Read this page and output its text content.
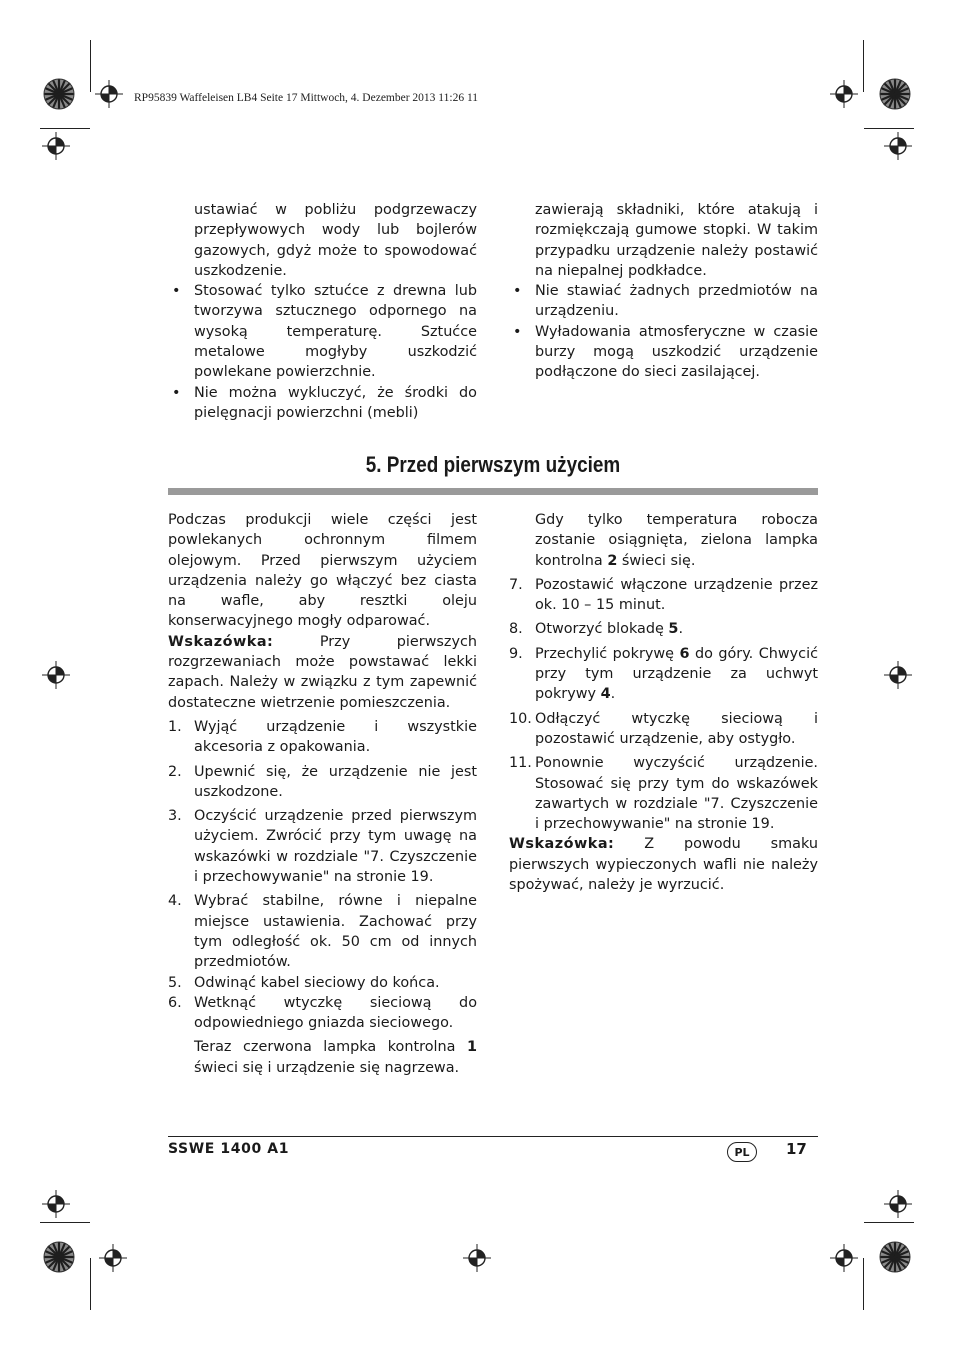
RP95839 Waffeleisen LB4 Seite 17 Mittwoch, 4. Dezember 2013 11:26 11

ustawiać w pobliżu podgrzewaczy przepływowych wody lub bojlerów gazowych, gdyż może to spowodować uszkodzenie.

• Stosować tylko sztućce z drewna lub tworzywa sztucznego odpornego na wysoką temperaturę. Sztućce metalowe mogłyby uszkodzić powlekane powierzchnie.

• Nie można wykluczyć, że środki do pielęgnacji powierzchni (mebli)

zawierają składniki, które atakują i rozmiękczają gumowe stopki. W takim przypadku urządzenie należy postawić na niepalnej podkładce.

• Nie stawiać żadnych przedmiotów na urządzeniu.

• Wyładowania atmosferyczne w czasie burzy mogą uszkodzić urządzenie podłączone do sieci zasilającej.

5. Przed pierwszym użyciem

Podczas produkcji wiele części jest powlekanych ochronnym filmem olejowym. Przed pierwszym użyciem urządzenia należy go włączyć bez ciasta na wafle, aby resztki oleju konserwacyjnego mogły odparować.

Wskazówka: Przy pierwszych rozgrzewaniach może powstawać lekki zapach. Należy w związku z tym zapewnić dostateczne wietrzenie pomieszczenia.

1. Wyjąć urządzenie i wszystkie akcesoria z opakowania.

2. Upewnić się, że urządzenie nie jest uszkodzone.

3. Oczyścić urządzenie przed pierwszym użyciem. Zwrócić przy tym uwagę na wskazówki w rozdziale "7. Czyszczenie i przechowywanie" na stronie 19.

4. Wybrać stabilne, równe i niepalne miejsce ustawienia. Zachować przy tym odległość ok. 50 cm od innych przedmiotów.

5. Odwinąć kabel sieciowy do końca.

6. Wetknąć wtyczkę sieciową do odpowiedniego gniazda sieciowego.

Teraz czerwona lampka kontrolna 1 świeci się i urządzenie się nagrzewa.

Gdy tylko temperatura robocza zostanie osiągnięta, zielona lampka kontrolna 2 świeci się.

7. Pozostawić włączone urządzenie przez ok. 10 – 15 minut.

8. Otworzyć blokadę 5.

9. Przechylić pokrywę 6 do góry. Chwycić przy tym urządzenie za uchwyt pokrywy 4.

10. Odłączyć wtyczkę sieciową i pozostawić urządzenie, aby ostygło.

11. Ponownie wyczyścić urządzenie. Stosować się przy tym do wskazówek zawartych w rozdziale "7. Czyszczenie i przechowywanie" na stronie 19.

Wskazówka: Z powodu smaku pierwszych wypieczonych wafli nie należy spożywać, należy je wyrzucić.

SSWE 1400 A1	PL	17
